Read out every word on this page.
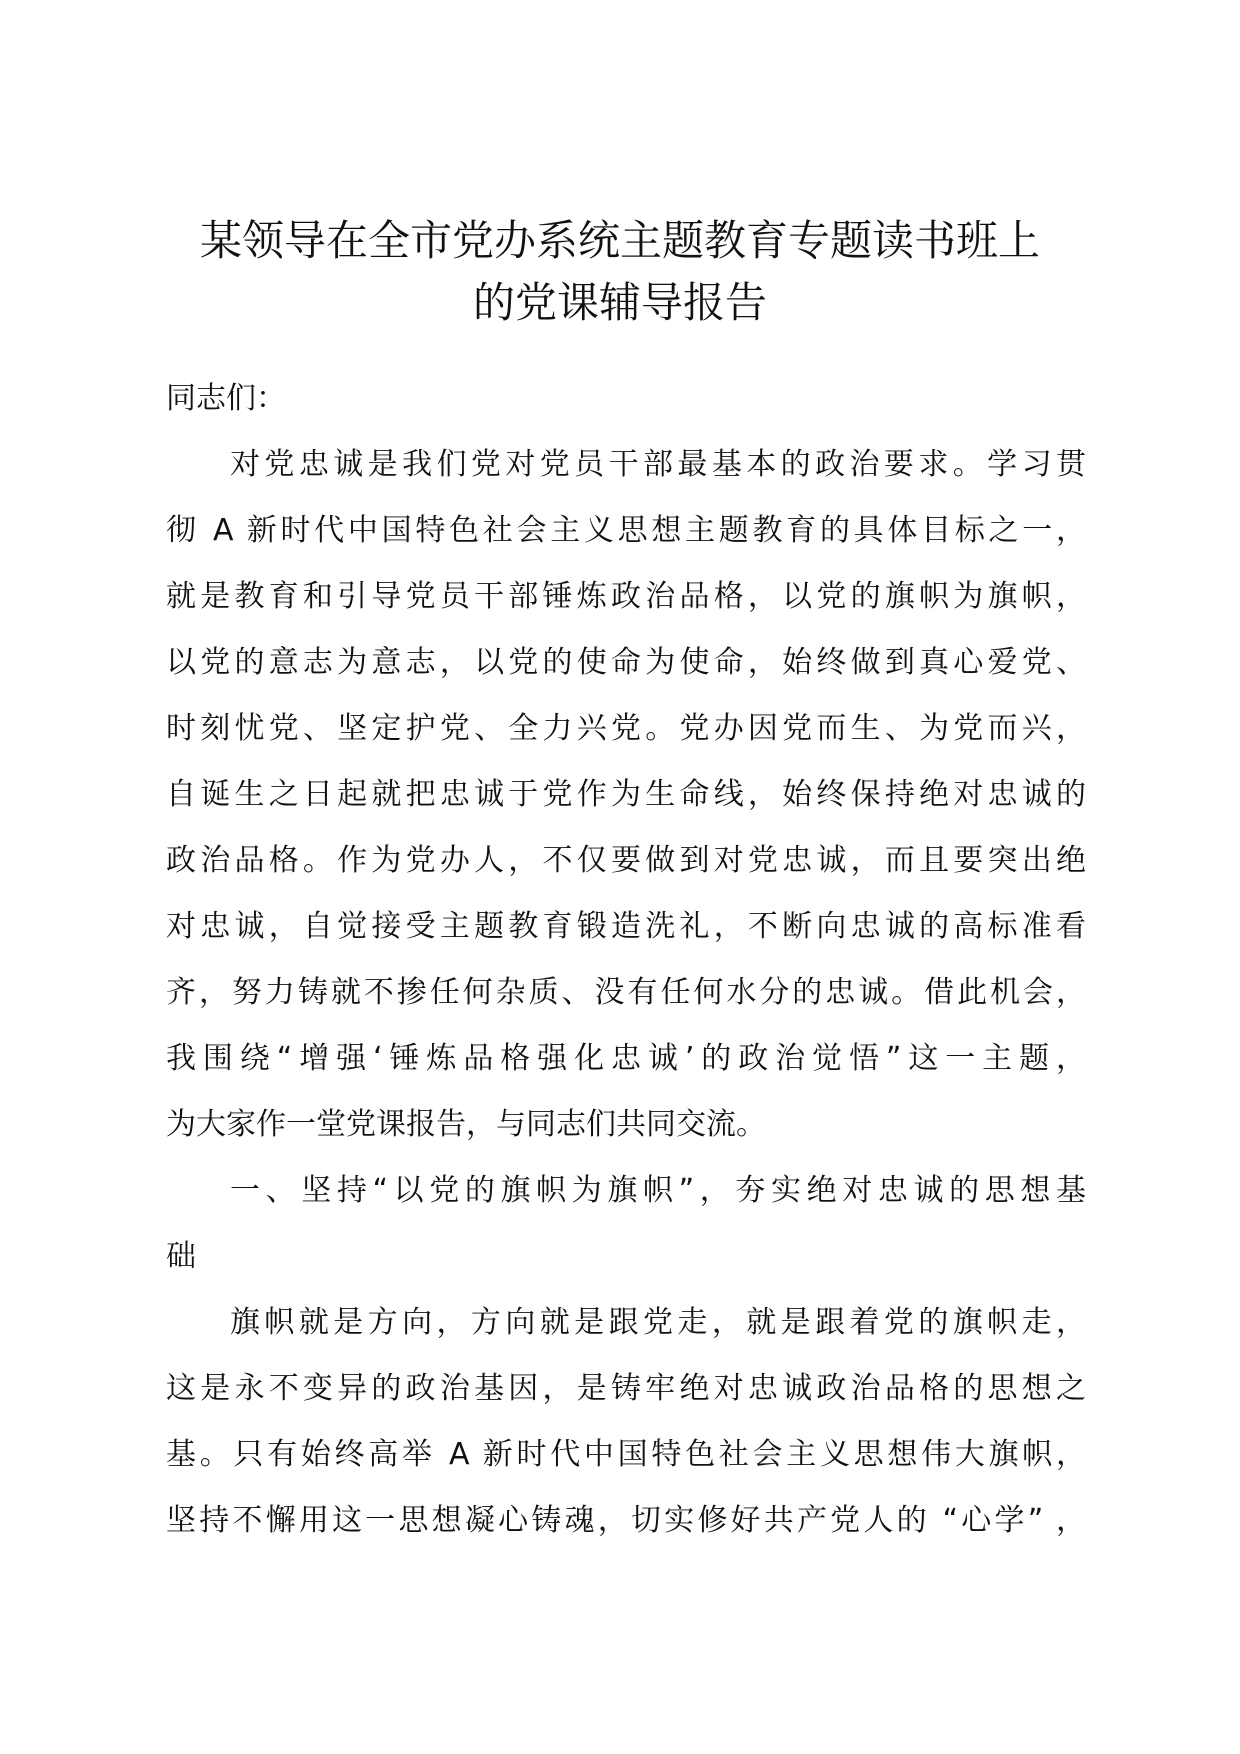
某领导在全市党办系统主题教育专题读书班上
的党课辅导报告
同志们：
对党忠诚是我们党对党员干部最基本的政治要求。学习贯
彻 A 新时代中国特色社会主义思想主题教育的具体目标之一，
就是教育和引导党员干部锤炼政治品格，以党的旗帜为旗帜，
以党的意志为意志，以党的使命为使命，始终做到真心爱党、
时刻忧党、坚定护党、全力兴党。党办因党而生、为党而兴，
自诞生之日起就把忠诚于党作为生命线，始终保持绝对忠诚的
政治品格。作为党办人，不仅要做到对党忠诚，而且要突出绝
对忠诚，自觉接受主题教育锻造洗礼，不断向忠诚的高标准看
齐，努力铸就不掺任何杂质、没有任何水分的忠诚。借此机会，
我围绕“增强‘锤炼品格强化忠诚’的政治觉悟”这一主题，
为大家作一堂党课报告，与同志们共同交流。
一、坚持“以党的旗帜为旗帜”，夯实绝对忠诚的思想基
础
旗帜就是方向，方向就是跟党走，就是跟着党的旗帜走，
这是永不变异的政治基因，是铸牢绝对忠诚政治品格的思想之
基。只有始终高举 A 新时代中国特色社会主义思想伟大旗帜，
坚持不懈用这一思想凝心铸魂，切实修好共产党人的 “心学” ，
